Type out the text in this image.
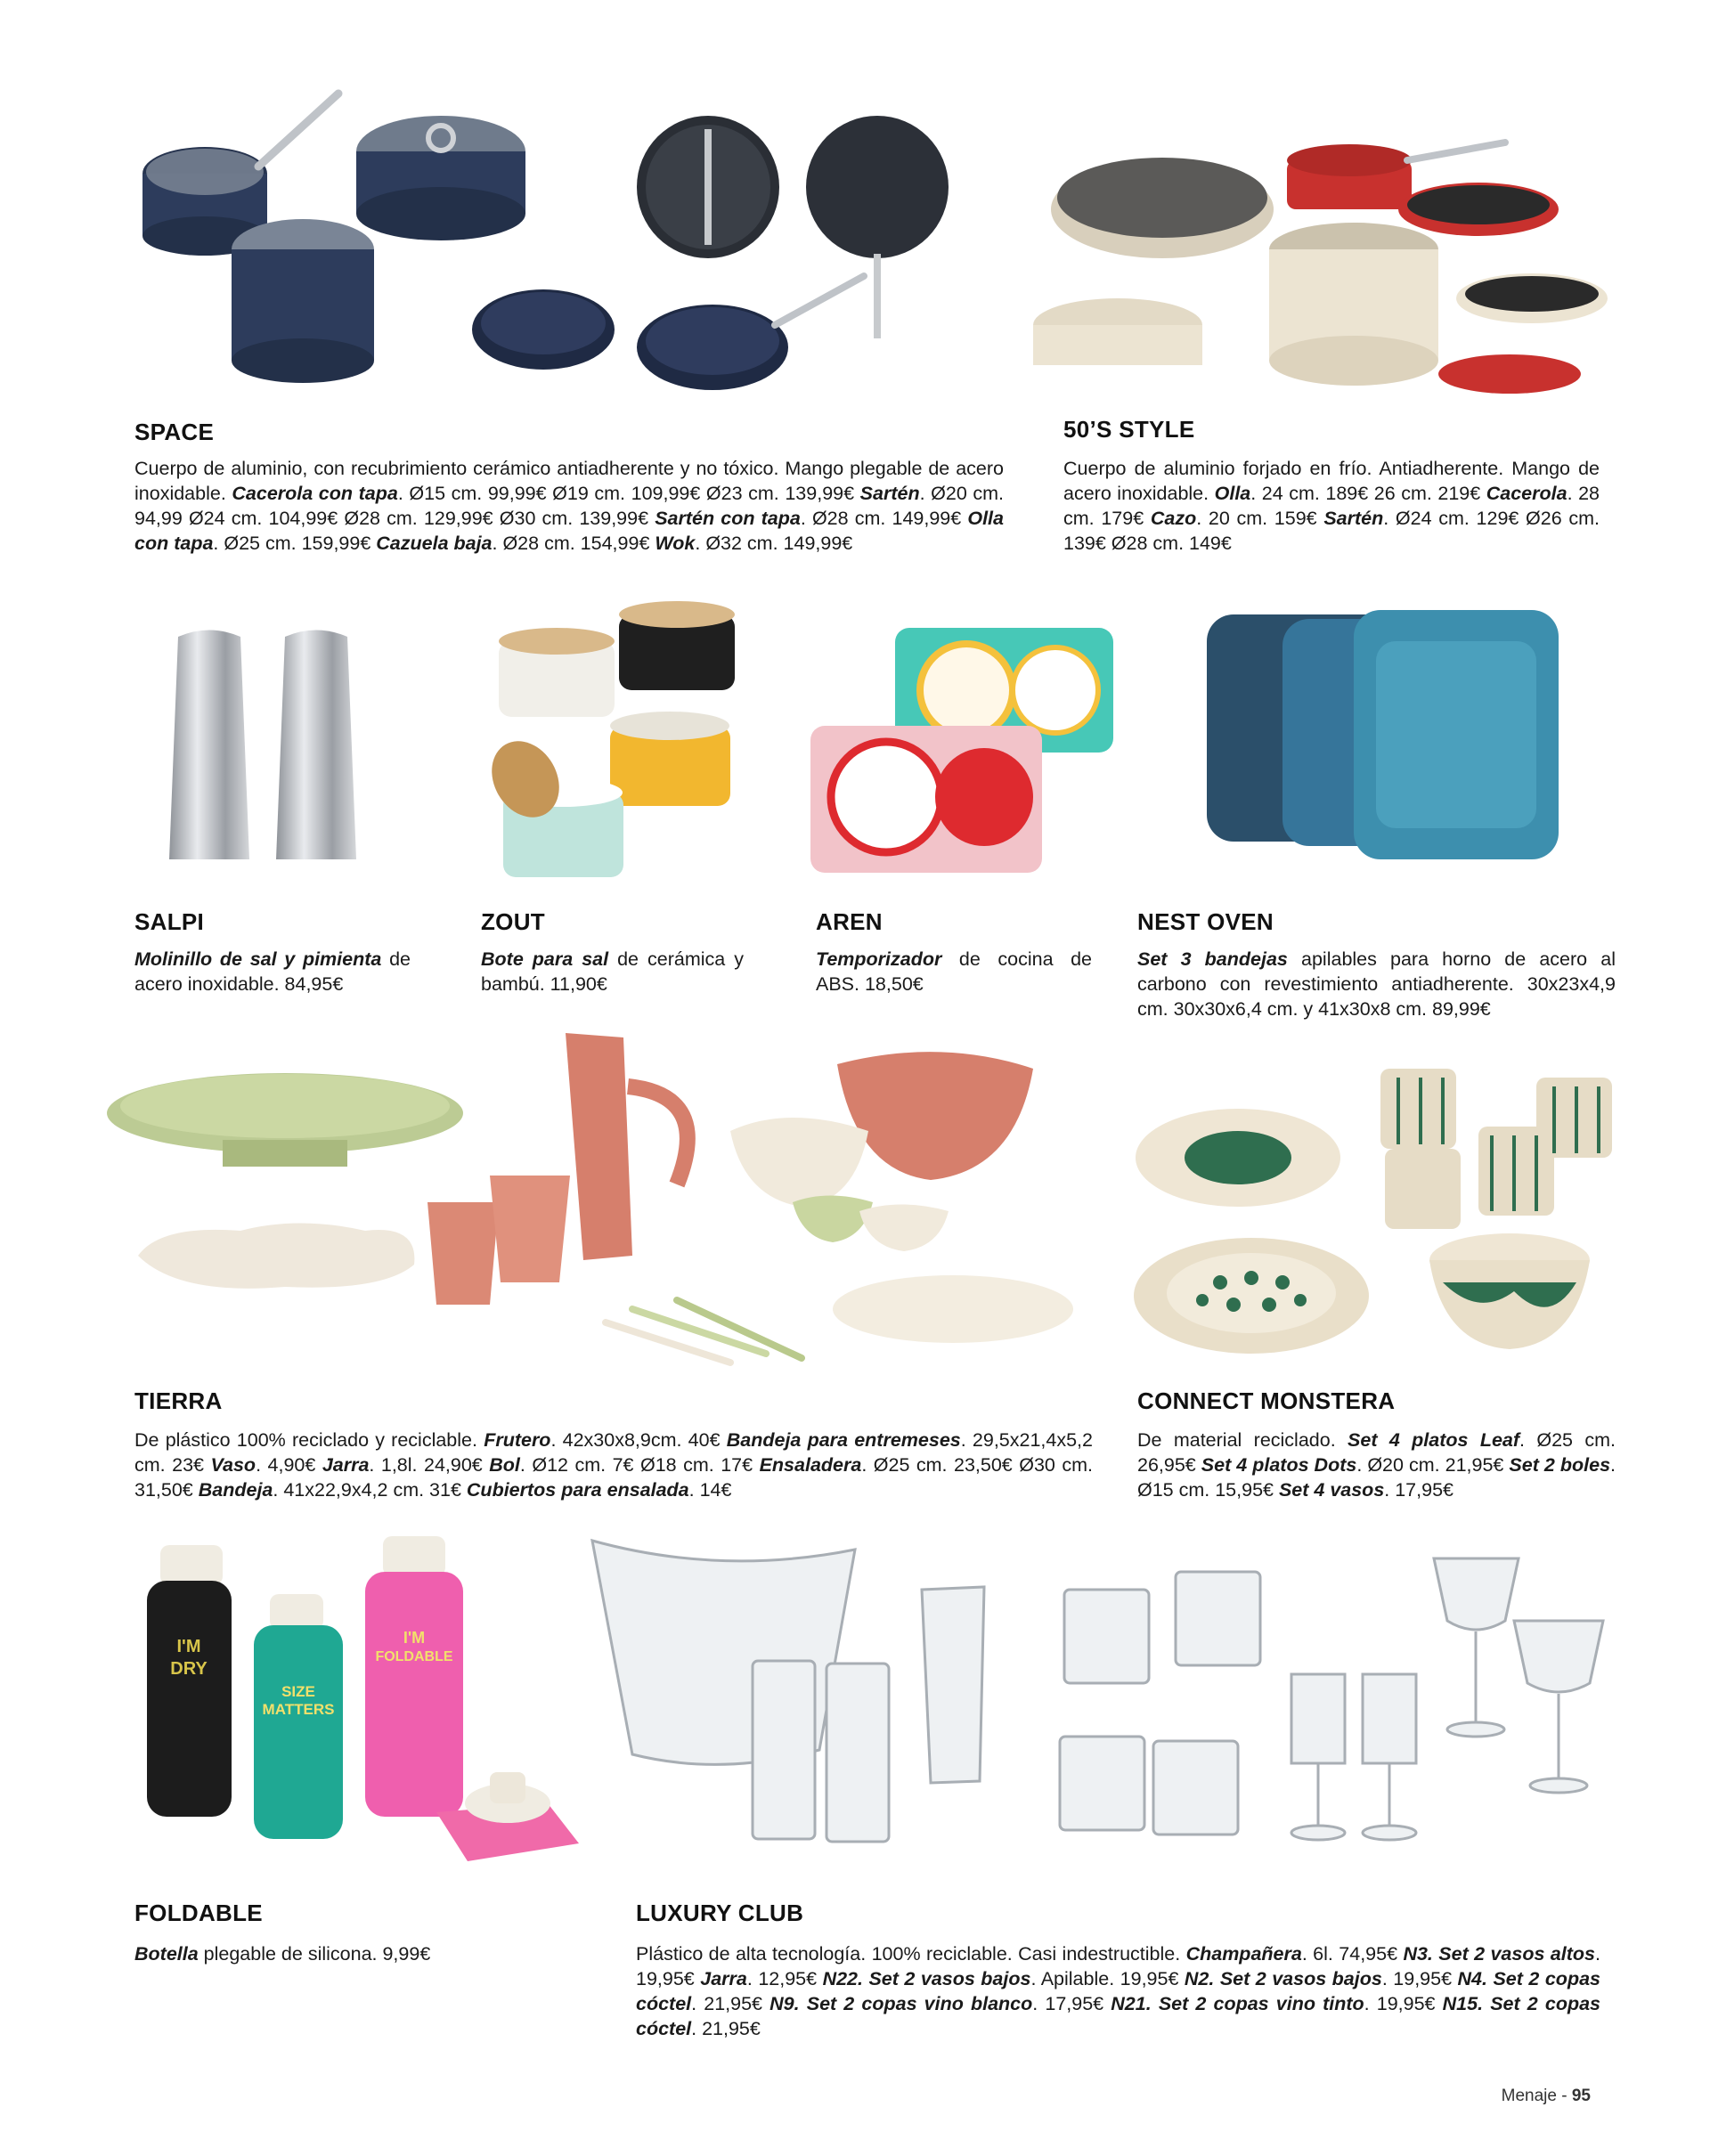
I'M
DRY
SIZE
MATTERS
I'M
FOLDABLE
SPACE

Cuerpo de aluminio, con recubrimiento cerámico antiadherente y no tóxico. Mango plegable de acero inoxidable. Cacerola con tapa. Ø15 cm. 99,99€ Ø19 cm. 109,99€ Ø23 cm. 139,99€ Sartén. Ø20 cm. 94,99 Ø24 cm. 104,99€ Ø28 cm. 129,99€ Ø30 cm. 139,99€ Sartén con tapa. Ø28 cm. 149,99€ Olla con tapa. Ø25 cm. 159,99€ Cazuela baja. Ø28 cm. 154,99€ Wok. Ø32 cm. 149,99€

50’S STYLE

Cuerpo de aluminio forjado en frío. Antiadherente. Mango de acero inoxidable. Olla. 24 cm. 189€ 26 cm. 219€ Cacerola. 28 cm. 179€ Cazo. 20 cm. 159€ Sartén. Ø24 cm. 129€ Ø26 cm. 139€ Ø28 cm. 149€

SALPI

Molinillo de sal y pimienta de acero inoxidable. 84,95€

ZOUT

Bote para sal de cerámica y bambú. 11,90€

AREN

Temporizador de cocina de ABS. 18,50€

NEST OVEN

Set 3 bandejas apilables para horno de acero al carbono con revestimiento antiadherente. 30x23x4,9 cm. 30x30x6,4 cm. y 41x30x8 cm. 89,99€

TIERRA

De plástico 100% reciclado y reciclable. Frutero. 42x30x8,9cm. 40€ Bandeja para entremeses. 29,5x21,4x5,2 cm. 23€ Vaso. 4,90€ Jarra. 1,8l. 24,90€ Bol. Ø12 cm. 7€ Ø18 cm. 17€ Ensaladera. Ø25 cm. 23,50€ Ø30 cm. 31,50€ Bandeja. 41x22,9x4,2 cm. 31€ Cubiertos para ensalada. 14€

CONNECT MONSTERA

De material reciclado. Set 4 platos Leaf. Ø25 cm. 26,95€ Set 4 platos Dots. Ø20 cm. 21,95€ Set 2 boles. Ø15 cm. 15,95€ Set 4 vasos. 17,95€

FOLDABLE

Botella plegable de silicona. 9,99€

LUXURY CLUB

Plástico de alta tecnología. 100% reciclable. Casi indestructible. Champañera. 6l. 74,95€ N3. Set 2 vasos altos. 19,95€ Jarra. 12,95€ N22. Set 2 vasos bajos. Apilable. 19,95€ N2. Set 2 vasos bajos. 19,95€ N4. Set 2 copas cóctel. 21,95€ N9. Set 2 copas vino blanco. 17,95€ N21. Set 2 copas vino tinto. 19,95€ N15. Set 2 copas cóctel. 21,95€

Menaje - 95
